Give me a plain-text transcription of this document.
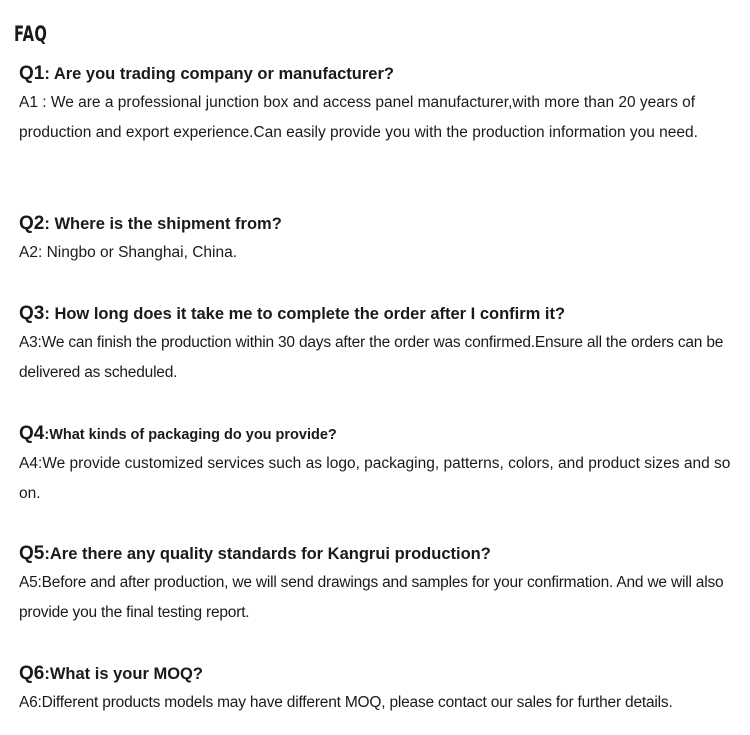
FAQ

Q1: Are you trading company or manufacturer?

A1 : We are a professional junction box and access panel manufacturer,with more than 20 years of production and export experience.Can easily provide you with the production information you need.

Q2: Where is the shipment from?

A2: Ningbo or Shanghai, China.

Q3: How long does it take me to complete the order after I confirm it?

A3:We can finish the production within 30 days after the order was confirmed.Ensure all the orders can be delivered as scheduled.

Q4:What kinds of packaging do you provide?

A4:We provide customized services such as logo, packaging, patterns, colors, and product sizes and so on.

Q5:Are there any quality standards for Kangrui production?

A5:Before and after production, we will send drawings and samples for your confirmation. And we will also provide you the final testing report.

Q6:What is your MOQ?

A6:Different products models may have different MOQ, please contact our sales for further details.
